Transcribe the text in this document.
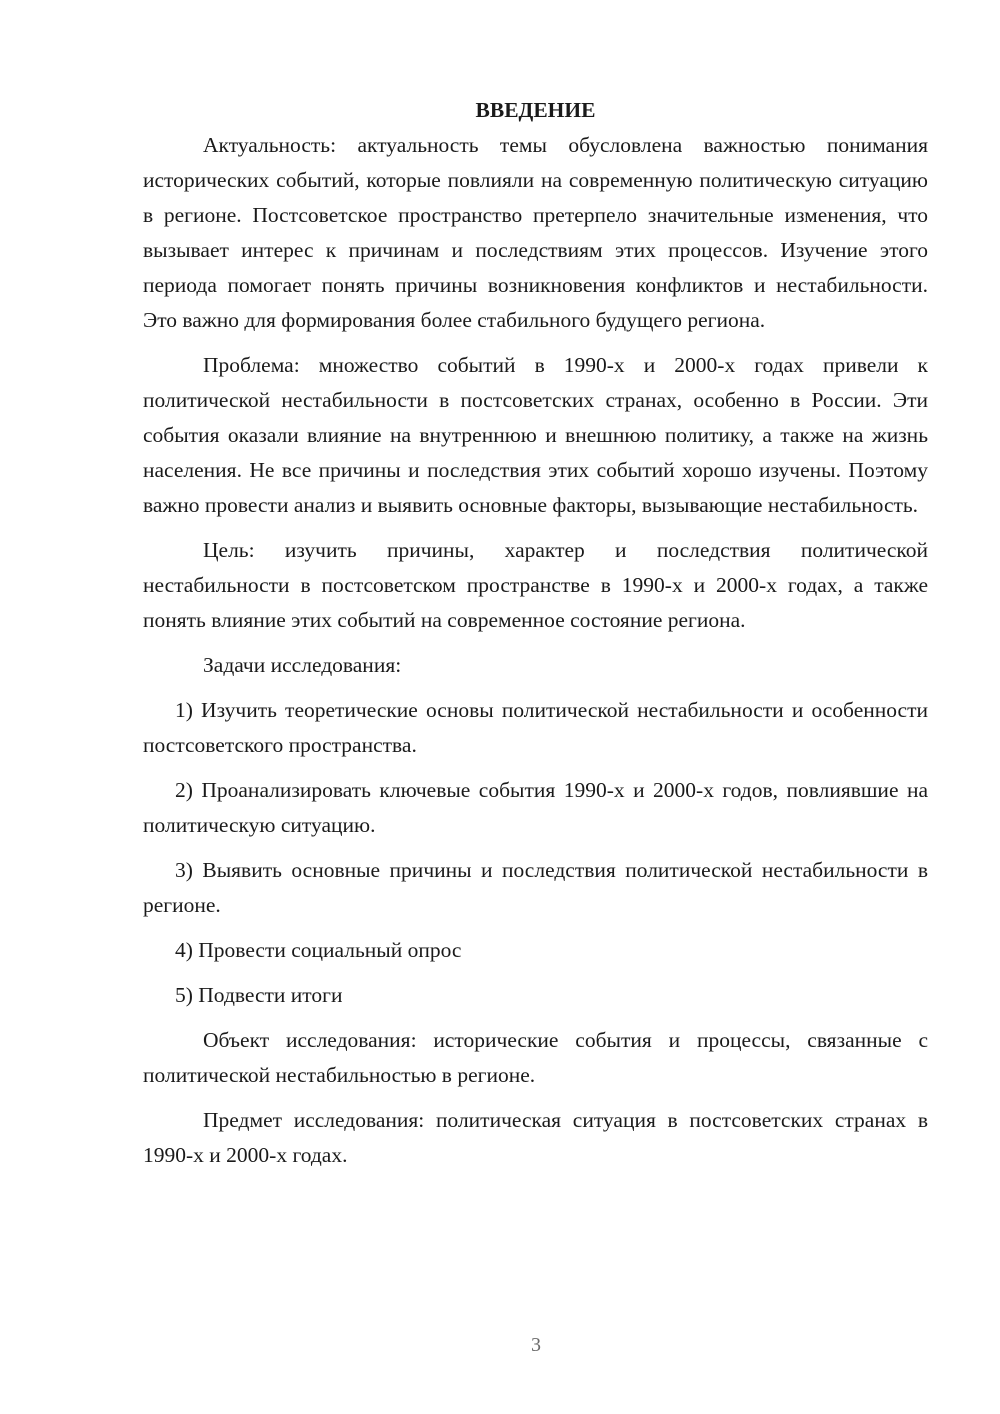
ВВЕДЕНИЕ

Актуальность: актуальность темы обусловлена важностью понимания исторических событий, которые повлияли на современную политическую ситуацию в регионе. Постсоветское пространство претерпело значительные изменения, что вызывает интерес к причинам и последствиям этих процессов. Изучение этого периода помогает понять причины возникновения конфликтов и нестабильности. Это важно для формирования более стабильного будущего региона.

Проблема: множество событий в 1990-х и 2000-х годах привели к политической нестабильности в постсоветских странах, особенно в России. Эти события оказали влияние на внутреннюю и внешнюю политику, а также на жизнь населения. Не все причины и последствия этих событий хорошо изучены. Поэтому важно провести анализ и выявить основные факторы, вызывающие нестабильность.

Цель: изучить причины, характер и последствия политической нестабильности в постсоветском пространстве в 1990-х и 2000-х годах, а также понять влияние этих событий на современное состояние региона.

Задачи исследования:

1) Изучить теоретические основы политической нестабильности и особенности постсоветского пространства.

2) Проанализировать ключевые события 1990-х и 2000-х годов, повлиявшие на политическую ситуацию.

3) Выявить основные причины и последствия политической нестабильности в регионе.

4) Провести социальный опрос

5) Подвести итоги

Объект исследования: исторические события и процессы, связанные с политической нестабильностью в регионе.

Предмет исследования: политическая ситуация в постсоветских странах в 1990-х и 2000-х годах.

3
